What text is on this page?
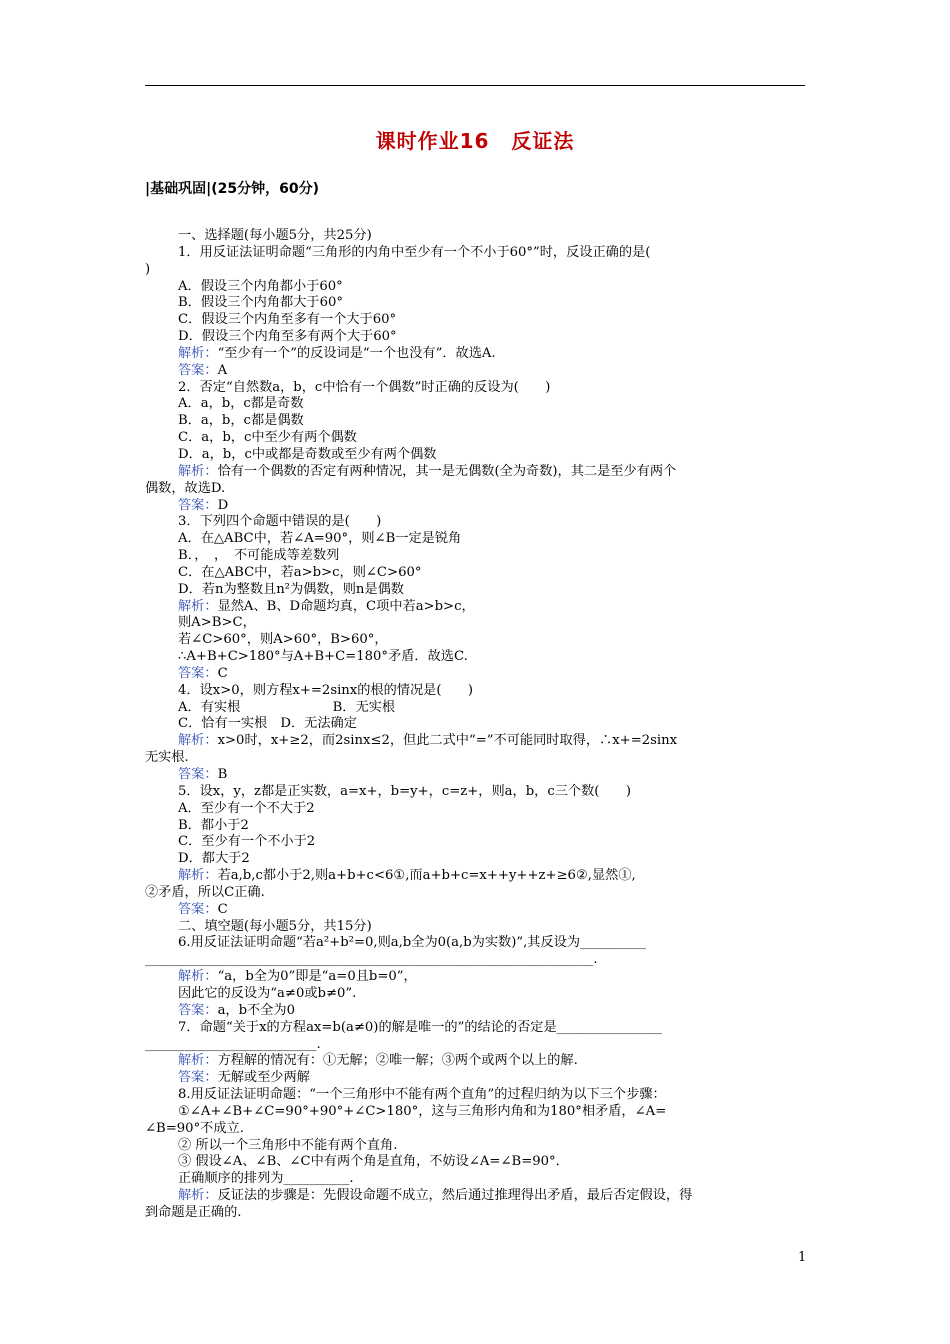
课时作业16 反证法
|基础巩固|(25分钟，60分)
一、选择题(每小题5分，共25分)
1．用反证法证明命题“三角形的内角中至少有一个不小于60°”时，反设正确的是(
)
A．假设三个内角都小于60°
B．假设三个内角都大于60°
C．假设三个内角至多有一个大于60°
D．假设三个内角至多有两个大于60°
解析：“至少有一个”的反设词是“一个也没有”．故选A.
答案：A
2．否定“自然数a，b，c中恰有一个偶数”时正确的反设为(　　)
A．a，b，c都是奇数
B．a，b，c都是偶数
C．a，b，c中至少有两个偶数
D．a，b，c中或都是奇数或至少有两个偶数
解析：恰有一个偶数的否定有两种情况，其一是无偶数(全为奇数)，其二是至少有两个
偶数，故选D.
答案：D
3．下列四个命题中错误的是(　　)
A．在△ABC中，若∠A=90°，则∠B一定是锐角
B．，　，　不可能成等差数列
C．在△ABC中，若a>b>c，则∠C>60°
D．若n为整数且n²为偶数，则n是偶数
解析：显然A、B、D命题均真，C项中若a>b>c，
则A>B>C，
若∠C>60°，则A>60°，B>60°，
∴A+B+C>180°与A+B+C=180°矛盾．故选C.
答案：C
4．设x>0，则方程x+=2sinx的根的情况是(　　)
A．有实根　　　　　　　B．无实根
C．恰有一实根　D．无法确定
解析：x>0时，x+≥2，而2sinx≤2，但此二式中“=”不可能同时取得，∴x+=2sinx
无实根.
答案：B
5．设x，y，z都是正实数，a=x+，b=y+，c=z+，则a，b，c三个数(　　)
A．至少有一个不大于2
B．都小于2
C．至少有一个不小于2
D．都大于2
解析：若a,b,c都小于2,则a+b+c<6①,而a+b+c=x++y++z+≥6②,显然①,
②矛盾，所以C正确.
答案：C
二、填空题(每小题5分，共15分)
6.用反证法证明命题“若a²+b²=0,则a,b全为0(a,b为实数)”,其反设为__________
____________________________________________________________________.
解析：“a，b全为0”即是“a=0且b=0”，
因此它的反设为“a≠0或b≠0”.
答案：a，b不全为0
7．命题“关于x的方程ax=b(a≠0)的解是唯一的”的结论的否定是________________
__________________________.
解析：方程解的情况有：①无解；②唯一解；③两个或两个以上的解.
答案：无解或至少两解
8.用反证法证明命题：“一个三角形中不能有两个直角”的过程归纳为以下三个步骤：
①∠A+∠B+∠C=90°+90°+∠C>180°，这与三角形内角和为180°相矛盾，∠A=
∠B=90°不成立.
② 所以一个三角形中不能有两个直角.
③ 假设∠A、∠B、∠C中有两个角是直角，不妨设∠A=∠B=90°．
正确顺序的排列为__________.
解析：反证法的步骤是：先假设命题不成立，然后通过推理得出矛盾，最后否定假设，得
到命题是正确的.
1
